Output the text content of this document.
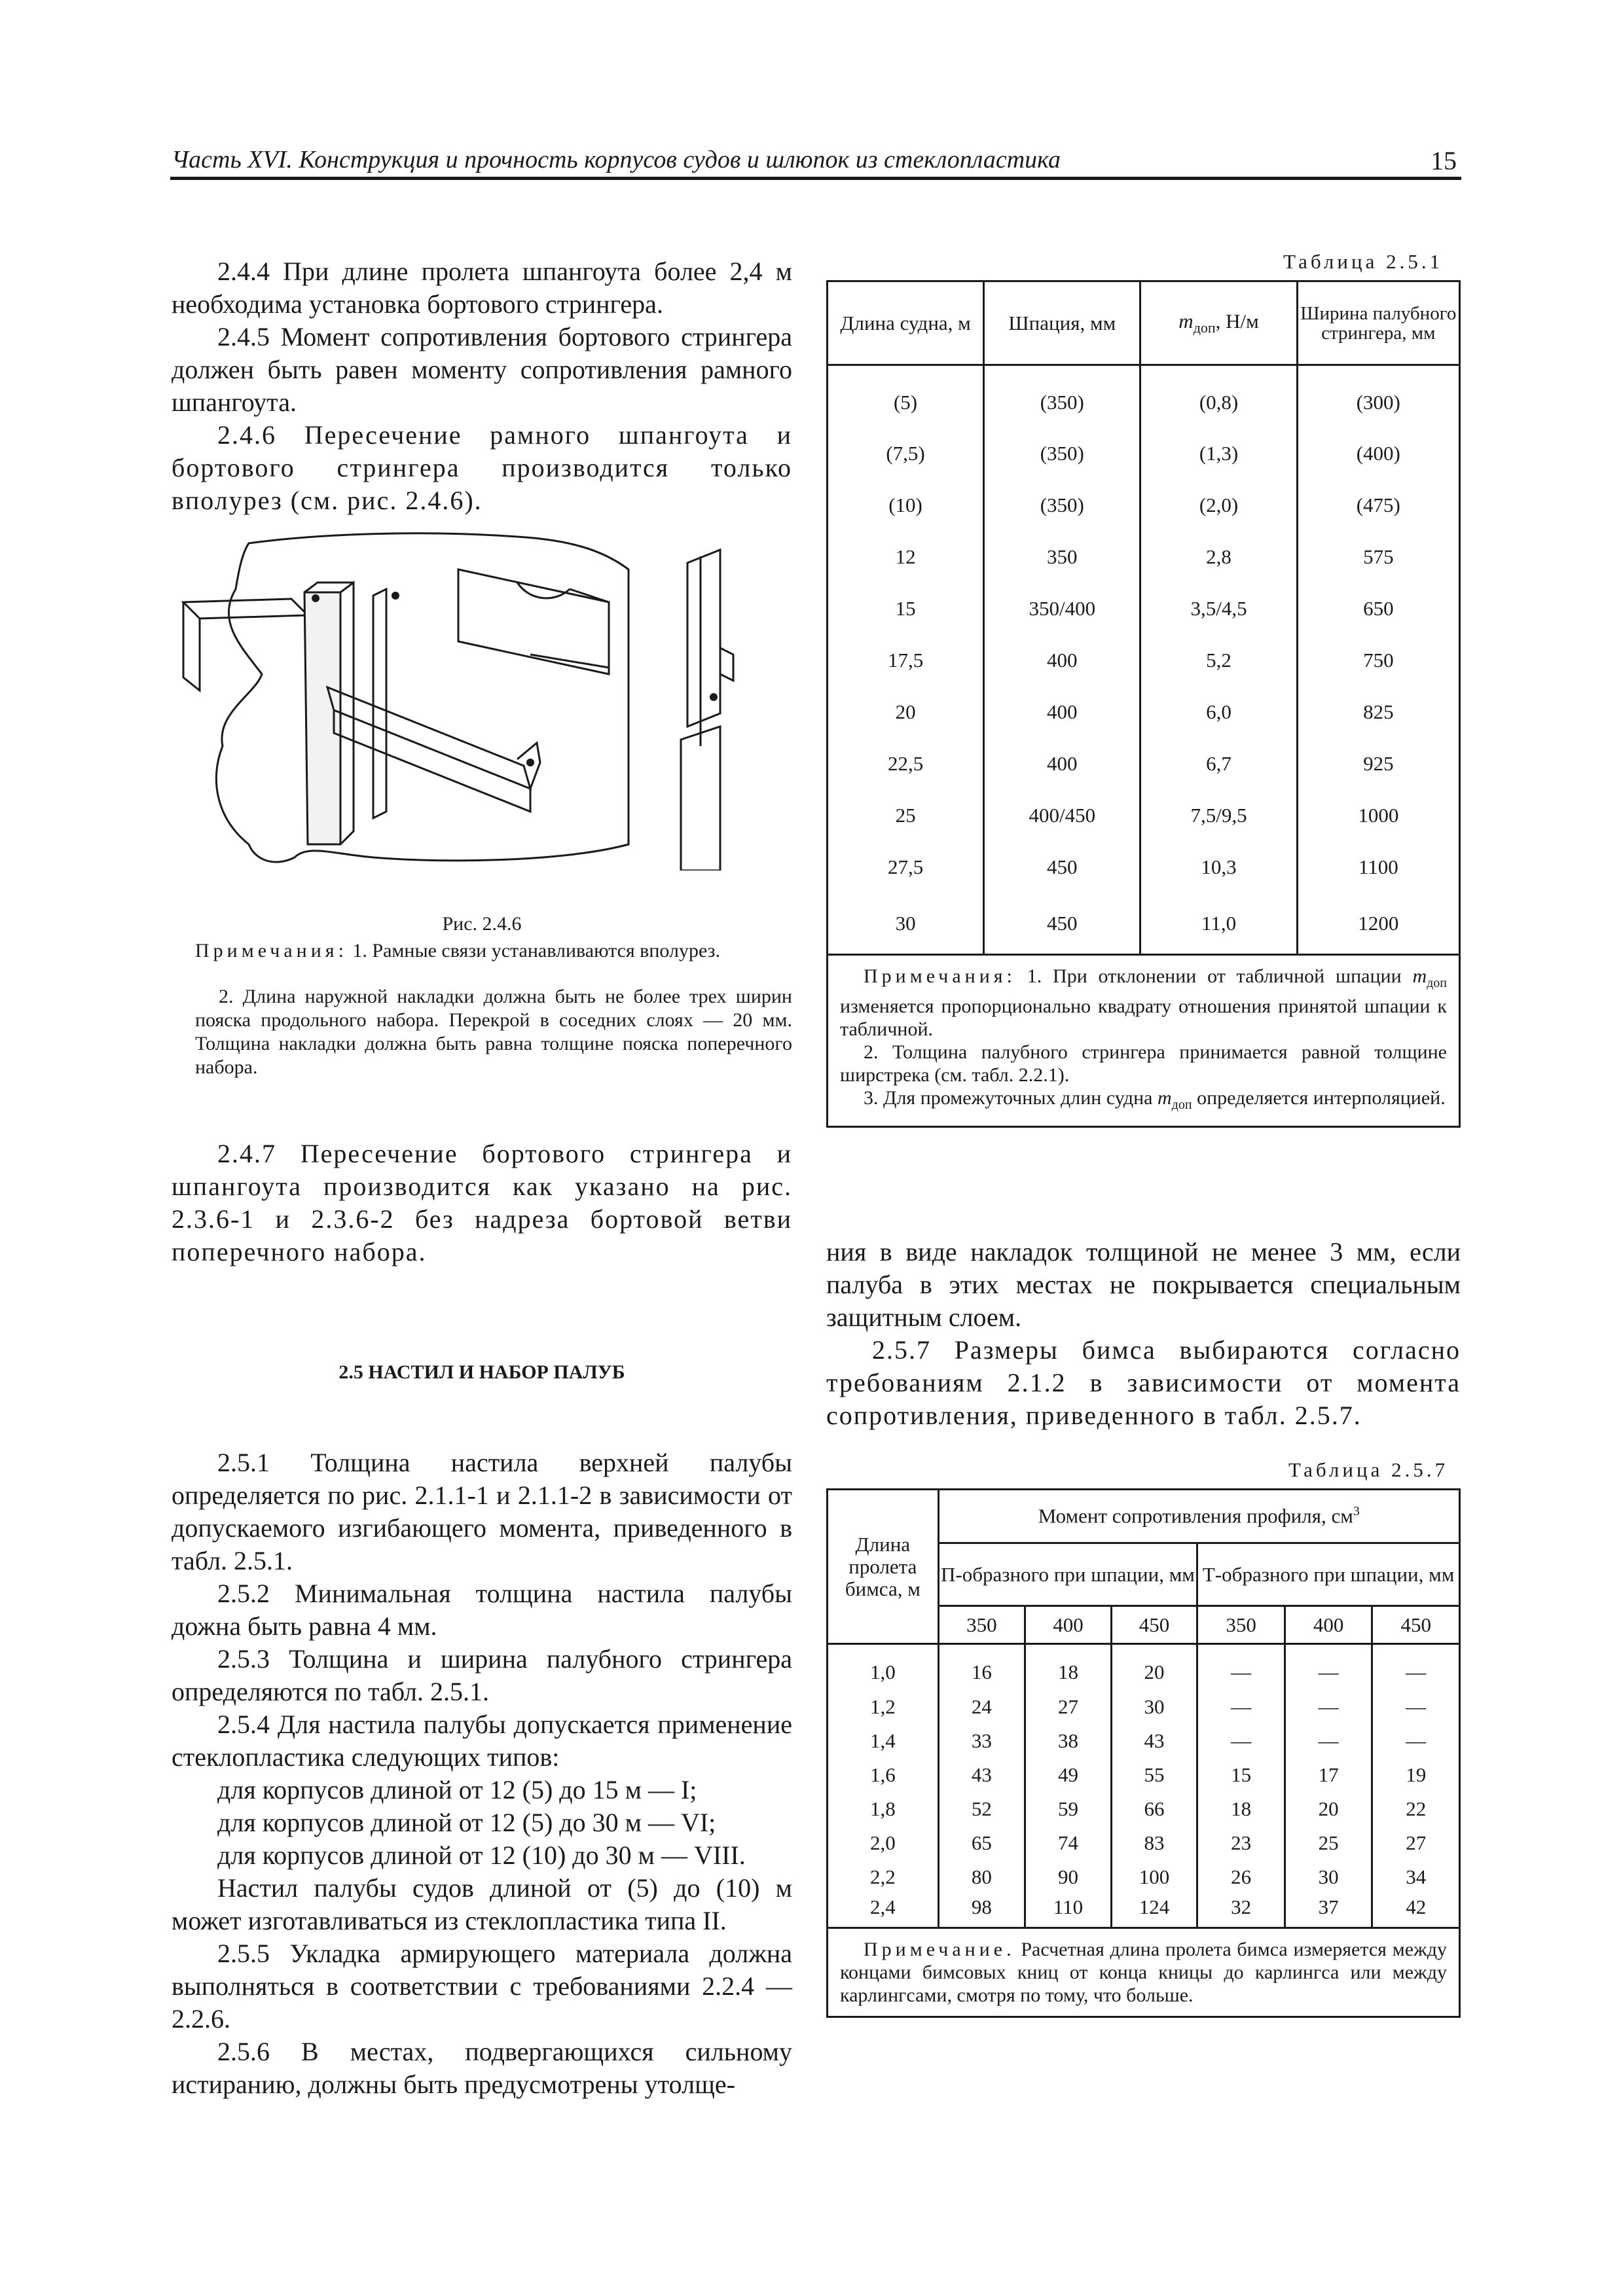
Часть XVI. Конструкция и прочность корпусов судов и шлюпок из стеклопластика	15
2.4.4 При длине пролета шпангоута более 2,4 м необходима установка бортового стрингера.
2.4.5 Момент сопротивления бортового стрингера должен быть равен моменту сопротивления рамного шпангоута.
2.4.6 Пересечение рамного шпангоута и бортового стрингера производится только вполурез (см. рис. 2.4.6).
Рис. 2.4.6
Примечания: 1. Рамные связи устанавливаются вполурез.
2. Длина наружной накладки должна быть не более трех ширин пояска продольного набора. Перекрой в соседних слоях — 20 мм. Толщина накладки должна быть равна толщине пояска поперечного набора.
2.4.7 Пересечение бортового стрингера и шпангоута производится как указано на рис. 2.3.6-1 и 2.3.6-2 без надреза бортовой ветви поперечного набора.
2.5 НАСТИЛ И НАБОР ПАЛУБ
2.5.1 Толщина настила верхней палубы определяется по рис. 2.1.1-1 и 2.1.1-2 в зависимости от допускаемого изгибающего момента, приведенного в табл. 2.5.1.
2.5.2 Минимальная толщина настила палубы дожна быть равна 4 мм.
2.5.3 Толщина и ширина палубного стрингера определяются по табл. 2.5.1.
2.5.4 Для настила палубы допускается применение стеклопластика следующих типов:
для корпусов длиной от 12 (5) до 15 м — I;
для корпусов длиной от 12 (5) до 30 м — VI;
для корпусов длиной от 12 (10) до 30 м — VIII.
Настил палубы судов длиной от (5) до (10) м может изготавливаться из стеклопластика типа II.
2.5.5 Укладка армирующего материала должна выполняться в соответствии с требованиями 2.2.4 — 2.2.6.
2.5.6 В местах, подвергающихся сильному истиранию, должны быть предусмотрены утолще-
Таблица 2.5.1
Длина судна, м	Шпация, мм	$m_{доп}$, Н/м	Ширина палубного стрингера, мм
(5)	(350)	(0,8)	(300)
(7,5)	(350)	(1,3)	(400)
(10)	(350)	(2,0)	(475)
12	350	2,8	575
15	350/400	3,5/4,5	650
17,5	400	5,2	750
20	400	6,0	825
22,5	400	6,7	925
25	400/450	7,5/9,5	1000
27,5	450	10,3	1100
30	450	11,0	1200

Примечания: 1. При отклонении от табличной шпации $m_{доп}$ изменяется пропорционально квадрату отношения принятой шпации к табличной.
2. Толщина палубного стрингера принимается равной толщине ширстрека (см. табл. 2.2.1).
3. Для промежуточных длин судна $m_{доп}$ определяется интерполяцией.			
ния в виде накладок толщиной не менее 3 мм, если палуба в этих местах не покрывается специальным защитным слоем.
2.5.7 Размеры бимса выбираются согласно требованиям 2.1.2 в зависимости от момента сопротивления, приведенного в табл. 2.5.7.
Таблица 2.5.7
Длина пролета бимса, м	Момент сопротивления профиля, $см^3$
	П-образного при шпации, мм			Т-образного при шпации, мм		
	350	400	450	350	400	450
1,0	16	18	20	—	—	—
1,2	24	27	30	—	—	—
1,4	33	38	43	—	—	—
1,6	43	49	55	15	17	19
1,8	52	59	66	18	20	22
2,0	65	74	83	23	25	27
2,2	80	90	100	26	30	34
2,4	98	110	124	32	37	42
Примечание. Расчетная длина пролета бимса измеряется между концами бимсовых книц от конца кницы до карлингса или между карлингсами, смотря по тому, что больше.						
